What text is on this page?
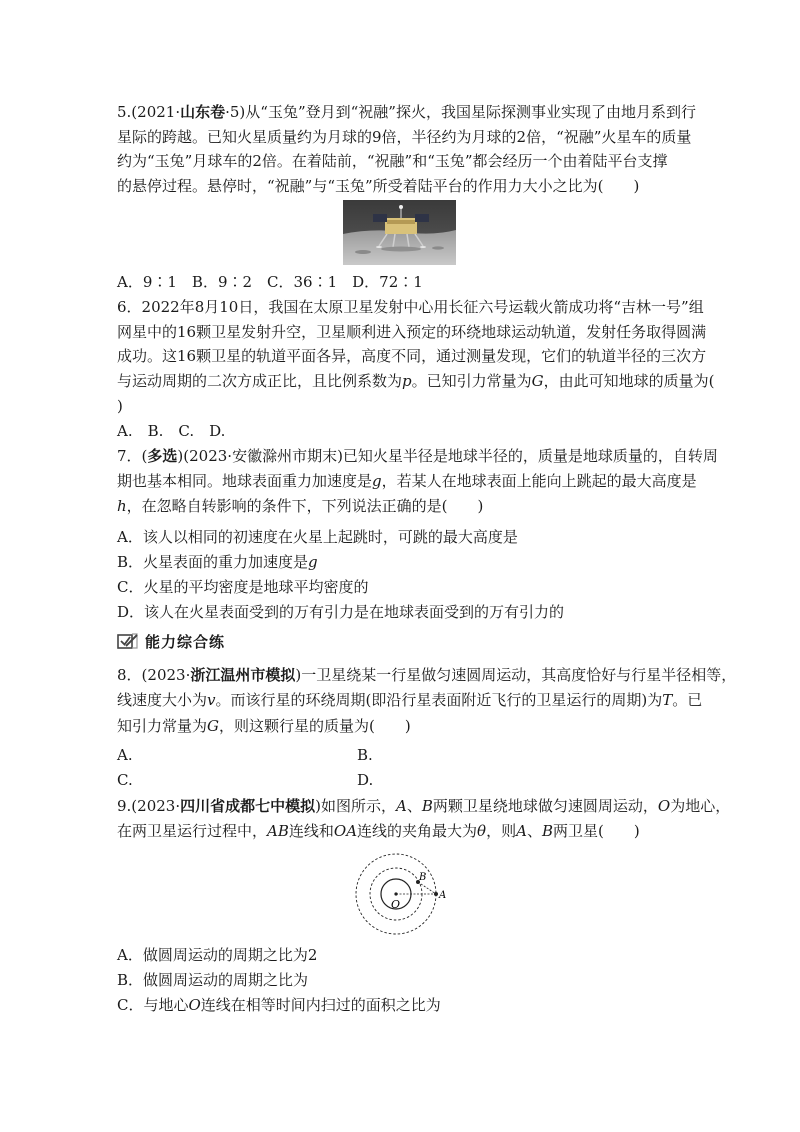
5.(2021·山东卷·5)从“玉兔”登月到“祝融”探火，我国星际探测事业实现了由地月系到行
星际的跨越。已知火星质量约为月球的9倍，半径约为月球的2倍，“祝融”火星车的质量
约为“玉兔”月球车的2倍。在着陆前，“祝融”和“玉兔”都会经历一个由着陆平台支撑
的悬停过程。悬停时，“祝融”与“玉兔”所受着陆平台的作用力大小之比为(　　)
A．9∶1　B．9∶2　C．36∶1　D．72∶1
6．2022年8月10日，我国在太原卫星发射中心用长征六号运载火箭成功将“吉林一号”组
网星中的16颗卫星发射升空，卫星顺利进入预定的环绕地球运动轨道，发射任务取得圆满
成功。这16颗卫星的轨道平面各异，高度不同，通过测量发现，它们的轨道半径的三次方
与运动周期的二次方成正比，且比例系数为p。已知引力常量为G，由此可知地球的质量为(
)
A.　B.　C.　D.
7．(多选)(2023·安徽滁州市期末)已知火星半径是地球半径的，质量是地球质量的，自转周
期也基本相同。地球表面重力加速度是g，若某人在地球表面上能向上跳起的最大高度是
h，在忽略自转影响的条件下，下列说法正确的是(　　)
A．该人以相同的初速度在火星上起跳时，可跳的最大高度是
B．火星表面的重力加速度是g
C．火星的平均密度是地球平均密度的
D．该人在火星表面受到的万有引力是在地球表面受到的万有引力的
能力综合练
8．(2023·浙江温州市模拟)一卫星绕某一行星做匀速圆周运动，其高度恰好与行星半径相等，
线速度大小为v。而该行星的环绕周期(即沿行星表面附近飞行的卫星运行的周期)为T。已
知引力常量为G，则这颗行星的质量为(　　)
A.	B.
C.	D.
9.(2023·四川省成都七中模拟)如图所示，A、B两颗卫星绕地球做匀速圆周运动，O为地心，
在两卫星运行过程中，AB连线和OA连线的夹角最大为θ，则A、B两卫星(　　)
O
B
A
A．做圆周运动的周期之比为2
B．做圆周运动的周期之比为
C．与地心O连线在相等时间内扫过的面积之比为
